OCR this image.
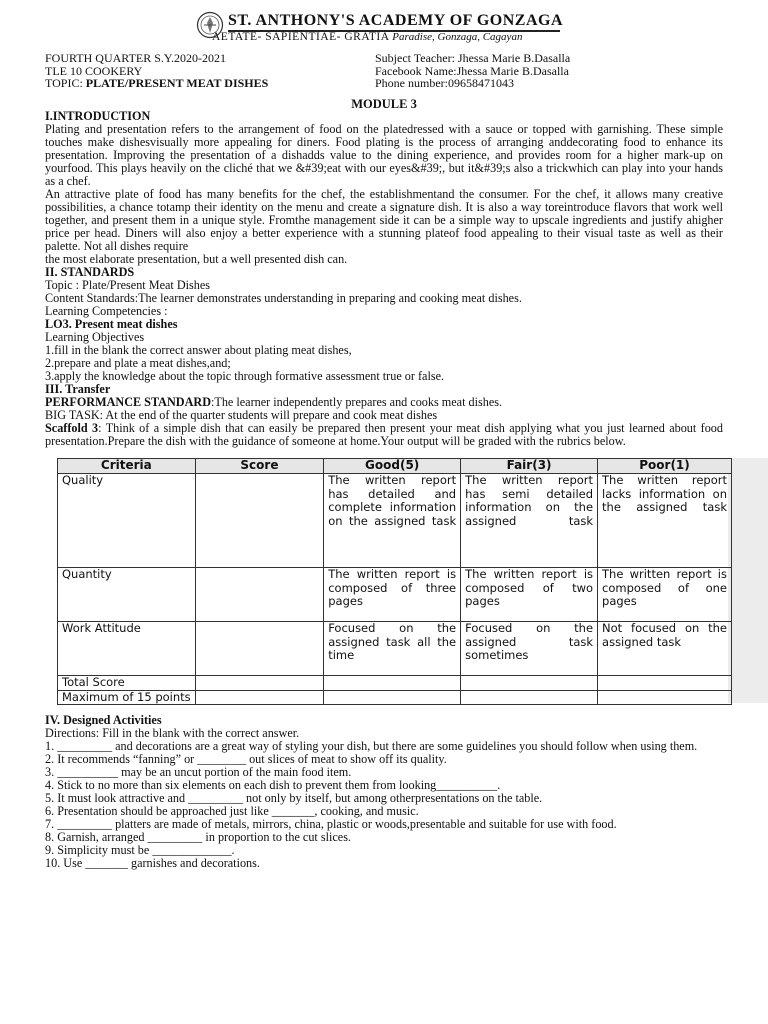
ST. ANTHONY'S ACADEMY OF GONZAGA
AETATE- SAPIENTIAE- GRATIA Paradise, Gonzaga, Cagayan
FOURTH QUARTER S.Y.2020-2021
TLE 10 COOKERY
TOPIC: PLATE/PRESENT MEAT DISHES
Subject Teacher: Jhessa Marie B.Dasalla
Facebook Name:Jhessa Marie B.Dasalla
Phone number:09658471043
MODULE 3

I.INTRODUCTION

Plating and presentation refers to the arrangement of food on the platedressed with a sauce or topped with garnishing. These simple touches make dishesvisually more appealing for diners. Food plating is the process of arranging anddecorating food to enhance its presentation. Improving the presentation of a dishadds value to the dining experience, and provides room for a higher mark-up on yourfood. This plays heavily on the cliché that we &#39;eat with our eyes&#39;, but it&#39;s also a trickwhich can play into your hands as a chef.

An attractive plate of food has many benefits for the chef, the establishmentand the consumer. For the chef, it allows many creative possibilities, a chance totamp their identity on the menu and create a signature dish. It is also a way toreintroduce flavors that work well together, and present them in a unique style. Fromthe management side it can be a simple way to upscale ingredients and justify ahigher price per head. Diners will also enjoy a better experience with a stunning plateof food appealing to their visual taste as well as their palette. Not all dishes require

the most elaborate presentation, but a well presented dish can.

II. STANDARDS

Topic : Plate/Present Meat Dishes

Content Standards:The learner demonstrates understanding in preparing and cooking meat dishes.

Learning Competencies :

LO3. Present meat dishes

Learning Objectives

1.fill in the blank the correct answer about plating meat dishes,

2.prepare and plate a meat dishes,and;

3.apply the knowledge about the topic through formative assessment true or false.

III. Transfer

PERFORMANCE STANDARD:The learner independently prepares and cooks meat dishes.

BIG TASK: At the end of the quarter students will prepare and cook meat dishes

Scaffold 3: Think of a simple dish that can easily be prepared then present your meat dish applying what you just learned about food presentation.Prepare the dish with the guidance of someone at home.Your output will be graded with the rubrics below.

Criteria	Score	Good(5)	Fair(3)	Poor(1)
Quality		The written report has detailed and complete information on the assigned task	The written report has semi detailed information on the assigned task	The written report lacks information on the assigned task
Quantity		The written report is composed of three pages	The written report is composed of two pages	The written report is composed of one pages
Work Attitude		Focused on the assigned task all the time	Focused on the assigned task sometimes	Not focused on the assigned task
Total Score				
Maximum of 15 points				

IV. Designed Activities

Directions: Fill in the blank with the correct answer.

1. _________ and decorations are a great way of styling your dish, but there are some guidelines you should follow when using them.

2. It recommends “fanning” or ________ out slices of meat to show off its quality.

3. __________ may be an uncut portion of the main food item.

4. Stick to no more than six elements on each dish to prevent them from looking__________.

5. It must look attractive and _________ not only by itself, but among otherpresentations on the table.

6. Presentation should be approached just like _______, cooking, and music.

7. _________ platters are made of metals, mirrors, china, plastic or woods,presentable and suitable for use with food.

8. Garnish, arranged _________ in proportion to the cut slices.

9. Simplicity must be _____________.

10. Use _______ garnishes and decorations.
